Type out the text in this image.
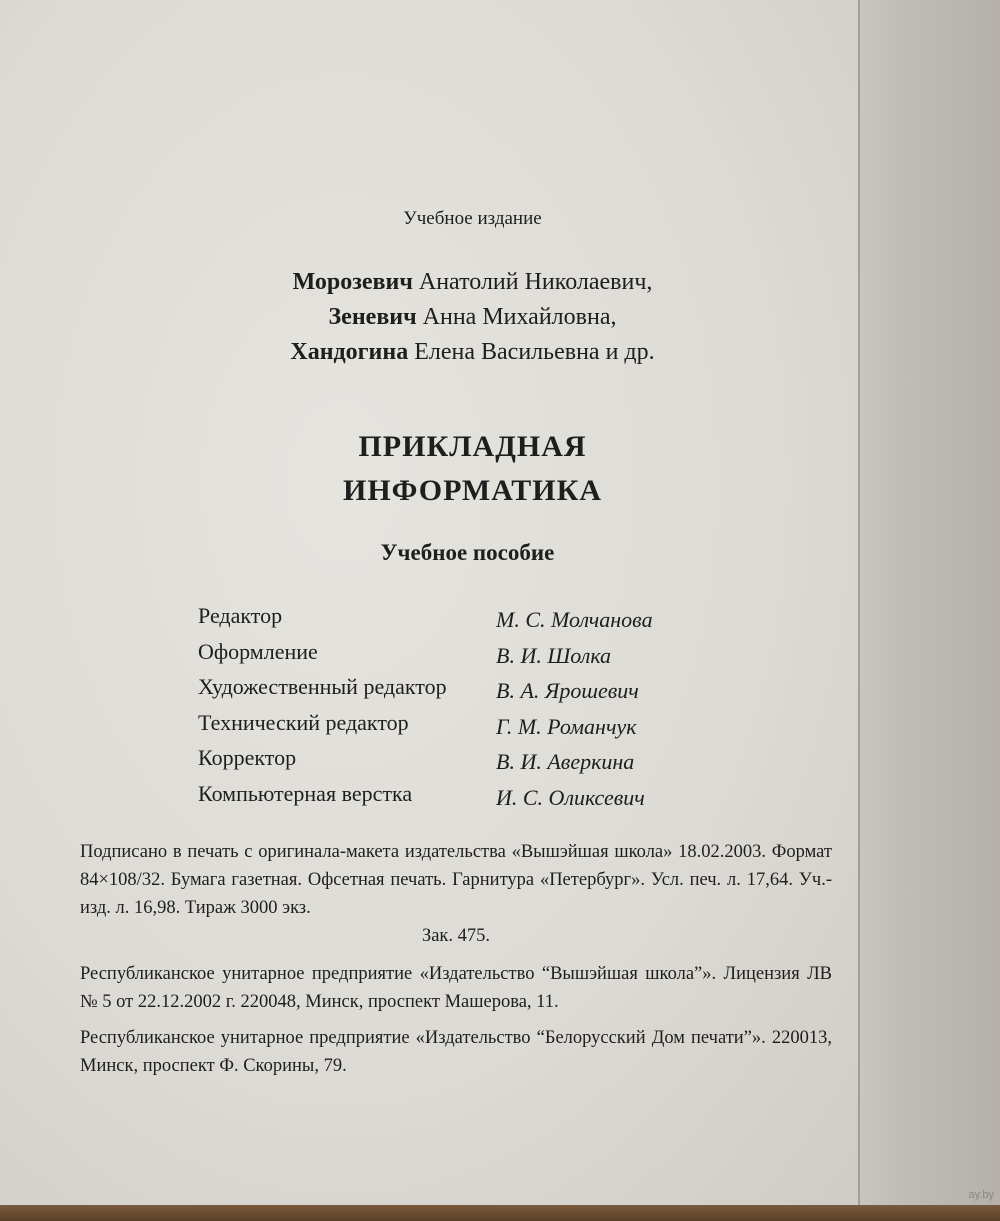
Учебное издание
Морозевич Анатолий Николаевич,
Зеневич Анна Михайловна,
Хандогина Елена Васильевна и др.
ПРИКЛАДНАЯ
ИНФОРМАТИКА
Учебное пособие
Редактор	М. С. Молчанова
Оформление	В. И. Шолка
Художественный редактор В. А. Ярошевич
Технический редактор	Г. М. Романчук
Корректор	В. И. Аверкина
Компьютерная верстка	И. С. Оликсевич

Подписано в печать с оригинала-макета издательства «Вышэйшая школа» 18.02.2003. Формат 84×108/32. Бумага газетная. Офсетная печать. Гарнитура «Петербург». Усл. печ. л. 17,64. Уч.-изд. л. 16,98. Тираж 3000 экз.

Зак. 475.

Республиканское унитарное предприятие «Издательство “Вышэйшая школа”». Лицензия ЛВ № 5 от 22.12.2002 г. 220048, Минск, проспект Машерова, 11.

Республиканское унитарное предприятие «Издательство “Белорусский Дом печати”». 220013, Минск, проспект Ф. Скорины, 79.

ay.by
